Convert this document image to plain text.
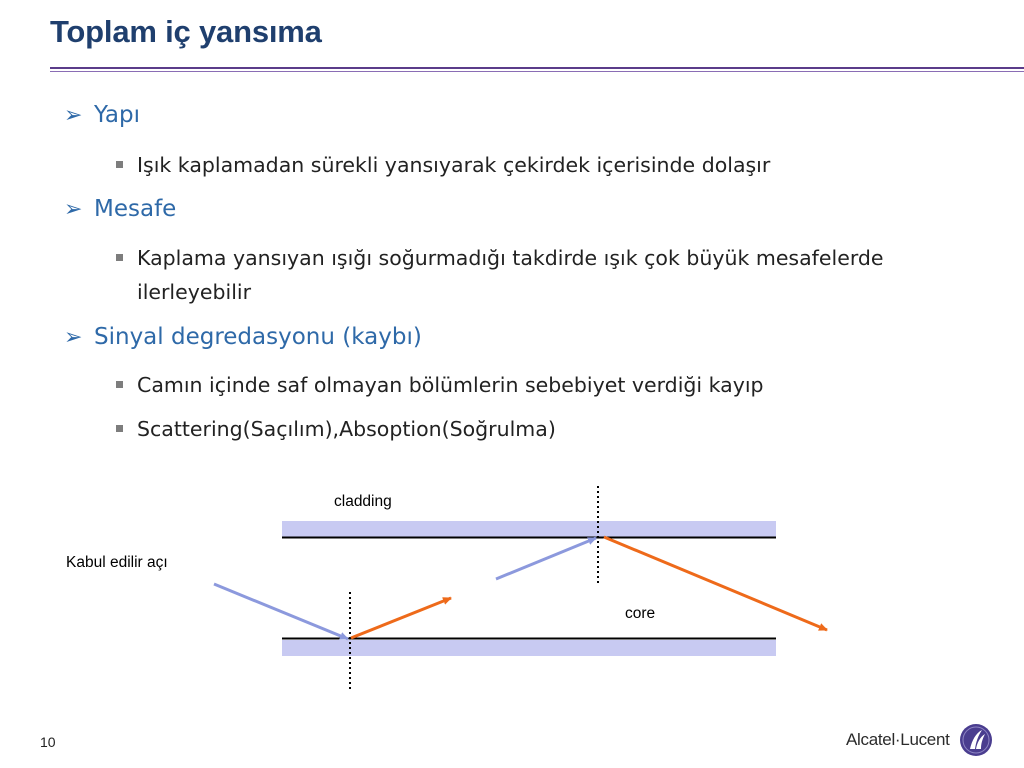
Toplam iç yansıma
➢ Yapı
Işık kaplamadan sürekli yansıyarak çekirdek içerisinde dolaşır
➢ Mesafe
Kaplama yansıyan ışığı soğurmadığı takdirde ışık çok büyük mesafelerde ilerleyebilir
➢ Sinyal degredasyonu (kaybı)
Camın içinde saf olmayan bölümlerin sebebiyet verdiği kayıp
Scattering(Saçılım),Absoption(Soğrulma)
cladding
core
Kabul edilir açı
10	Alcatel·Lucent
